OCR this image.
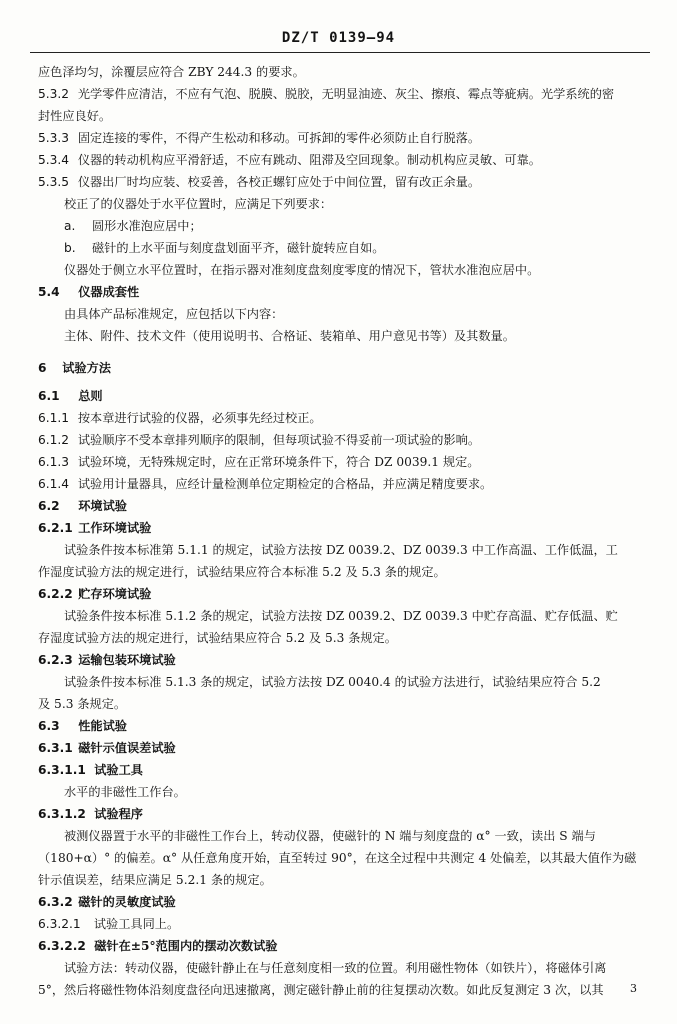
DZ/T 0139—94
应色泽均匀，涂覆层应符合 ZBY 244.3 的要求。
5.3.2 光学零件应清洁，不应有气泡、脱膜、脱胶，无明显油迹、灰尘、擦痕、霉点等疵病。光学系统的密
封性应良好。
5.3.3 固定连接的零件，不得产生松动和移动。可拆卸的零件必须防止自行脱落。
5.3.4 仪器的转动机构应平滑舒适，不应有跳动、阻滞及空回现象。制动机构应灵敏、可靠。
5.3.5 仪器出厂时均应装、校妥善，各校正螺钉应处于中间位置，留有改正余量。
校正了的仪器处于水平位置时，应满足下列要求：
a. 圆形水准泡应居中；
b. 磁针的上水平面与刻度盘划面平齐，磁针旋转应自如。
仪器处于侧立水平位置时，在指示器对准刻度盘刻度零度的情况下，管状水准泡应居中。
5.4 仪器成套性
由具体产品标准规定，应包括以下内容：
主体、附件、技术文件（使用说明书、合格证、装箱单、用户意见书等）及其数量。
6 试验方法
6.1 总则
6.1.1 按本章进行试验的仪器，必须事先经过校正。
6.1.2 试验顺序不受本章排列顺序的限制，但每项试验不得妥前一项试验的影响。
6.1.3 试验环境，无特殊规定时，应在正常环境条件下，符合 DZ 0039.1 规定。
6.1.4 试验用计量器具，应经计量检测单位定期检定的合格品，并应满足精度要求。
6.2 环境试验
6.2.1 工作环境试验
试验条件按本标准第 5.1.1 的规定，试验方法按 DZ 0039.2、DZ 0039.3 中工作高温、工作低温，工
作湿度试验方法的规定进行，试验结果应符合本标准 5.2 及 5.3 条的规定。
6.2.2 贮存环境试验
试验条件按本标准 5.1.2 条的规定，试验方法按 DZ 0039.2、DZ 0039.3 中贮存高温、贮存低温、贮
存湿度试验方法的规定进行，试验结果应符合 5.2 及 5.3 条规定。
6.2.3 运输包装环境试验
试验条件按本标准 5.1.3 条的规定，试验方法按 DZ 0040.4 的试验方法进行，试验结果应符合 5.2
及 5.3 条规定。
6.3 性能试验
6.3.1 磁针示值误差试验
6.3.1.1 试验工具
水平的非磁性工作台。
6.3.1.2 试验程序
被测仪器置于水平的非磁性工作台上，转动仪器，使磁针的 N 端与刻度盘的 α° 一致，读出 S 端与
（180+α）° 的偏差。α° 从任意角度开始，直至转过 90°，在这全过程中共测定 4 处偏差，以其最大值作为磁
针示值误差，结果应满足 5.2.1 条的规定。
6.3.2 磁针的灵敏度试验
6.3.2.1 试验工具同上。
6.3.2.2 磁针在±5°范围内的摆动次数试验
试验方法：转动仪器，使磁针静止在与任意刻度相一致的位置。利用磁性物体（如铁片），将磁体引离
5°，然后将磁性物体沿刻度盘径向迅速撤离，测定磁针静止前的往复摆动次数。如此反复测定 3 次，以其	3
